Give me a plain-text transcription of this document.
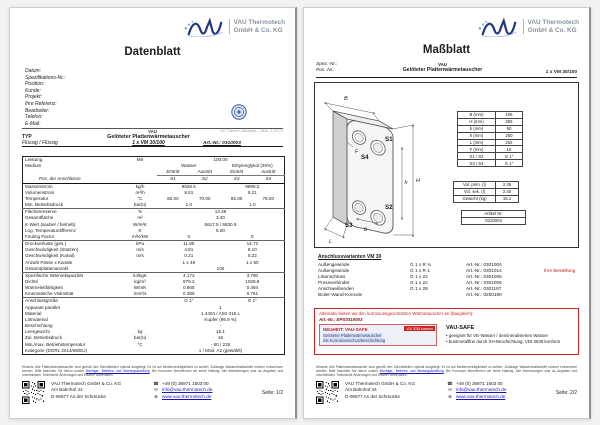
VAU Thermotech
GmbH & Co. KG
Datenblatt
Datum:
Spezifikations-Nr.:
Position:
Kunde:
Projekt:
Ihre Referenz:
Bearbeiter:
Telefon:
E-Mail:
VAU	SV Thermo Calculate – Vers. 2.20.21
TYP	Gelöteter Plattenwärmetauscher
Flüssig / Flüssig	1 x VM 30/100	Art.-Nr.: 0310003
Leistung	kW	100.00			
Medium		Wasser		Ethylenglykol (30%)	
		Eintritt	Austritt	Eintritt	Austritt
Pos. der Anschlüsse		S1	S2	S3	S4
Massenstrom	kg/h	8628.5		9698.2	
Volumenstrom	m³/h	8.61		9.21	
Temperatur	°C	80.00	70.00	65.00	75.00
Min. Betriebsdruck	bar(ü)	1.0		1.0	
Flächenreserve	%	13.49			
Gesamtfläche	m²	3.40			
K-Wert (sauber / betrieb)	W/m²K	6617.5 / 5830.9			
Log. Temperaturdifferenz	K	5.00			
Fouling Factor	m²K/kW	0		0	
Druckverluste (ges.)	kPa	11.85		14.72	
Geschwindigkeit (Stutzen)	m/s	4.81		5.10	
Geschwindigkeit (Kanal)	m/s	0.21		0.22	
Anzahl Pässe x Kanäle		1 x 49		1 x 50	
Gesamtplattenanzahl		100			
Spezifische Wärmekapazität	kJ/kgK	4.172		3.790	
Dichte	kg/m³	979.2		1028.8	
Wärmeleitfähigkeit	W/mK	0.665		0.494	
Kinematische Viskosität	mm²/s	0.389		0.761	
Anschlussgröße		G 1"		G 1"	
Apparate parallel		1			
Material		1.4404 / AISI 316 L			
Lötmaterial		Kupfer (99.9 %)			
Beschichtung		-			
Leergewicht	kg	15.1			
Zul. Betriebsdruck	bar(ü)	16			
Min./max. Betriebstemperatur	°C	- 60 / 225			
Kategorie (DGRL 2014/68/EU)		1 / Mod. A2 (gewählt)			
Hinweis: Alle Plattenwärmetauscher sind gemäß den Schnittstellen optimal ausgelegt. Es ist auf Medienverträglichkeit zu achten. Zulässige Wasserinhaltsstoffe können entnommen werden. Bitte beachten Sie hierzu unsere Montage-, Betriebs- und Wartungsanleitung. Bei Korrosion übernehmen wir keine Haftung. Alle Abmessungen sind ca.-Angaben und unverbindlich. Technische Änderungen und Irrtümer vorbehalten.
VAU Thermotech GmbH & Co. KG
Am Bahnhof 44
D-06577 An der Schmücke
☎ +49 (0) 36871 1603 00
✉ info@vau-thermotech.de
⊕ www.vau-thermotech.de
Seite: 1/2
VAU Thermotech
GmbH & Co. KG
Maßblatt
Spez.-Nr.:
Pos.-Nr.:
VAU
Gelöteter Plattenwärmetauscher	1 x VM 30/100
B
H
h
F
b
L
S1
S4
S2
S3
B (mm)	106
H (mm)	306
b (mm)	50
h (mm)	250
L (mm)	262
F (mm)	16
S1 / S2	G 1"
S3 / S4	G 1"
Vol. prim. (l)	2.35
Vol. sek. (l)	2.40
Gewicht (kg)	15.1
Artikel Nr.
0310003
Anschlussvarianten VM 30
Außengewinde	G 1 x R ¾	Art.-Nr.: 0301004	
Außengewinde	G 1 x R 1	Art.-Nr.: 0301014	Ihre Bestellung
Lötanschluss	G 1 x 22	Art.-Nr.: 0301005	
Pressverbinder	G 1 x 22	Art.-Nr.: 0301006	
Anschweißenden	G 1 x 28	Art.-Nr.: 0301187	
Boiler-Wand-Konsole		Art.-Nr.: 0250190	
Alternativ bieten wir den korrosionsgeschützten Wärmetauscher an (baugleich):
Art.-Nr.: EPS0310003
NEUHEIT: VAU-SAFE	VDI 3035 konform
Gelöteter Plattenwärmetauscher
mit Korrosionsschutzbeschichtung
VAU-SAFE
• geeignet für VE-Wasser / demineralisiertes Wasser
• buntmetallfrei durch SH-Beschichtung, VDI 3035 konform
Hinweis: Alle Plattenwärmetauscher sind gemäß den Schnittstellen optimal ausgelegt. Es ist auf Medienverträglichkeit zu achten. Zulässige Wasserinhaltsstoffe können entnommen werden. Bitte beachten Sie hierzu unsere Montage-, Betriebs- und Wartungsanleitung. Bei Korrosion übernehmen wir keine Haftung. Alle Abmessungen sind ca.-Angaben und unverbindlich. Technische Änderungen und Irrtümer vorbehalten.
VAU Thermotech GmbH & Co. KG
Am Bahnhof 44
D-06577 An der Schmücke
☎ +49 (0) 36871 1603 00
✉ info@vau-thermotech.de
⊕ www.vau-thermotech.de
Seite: 2/2
